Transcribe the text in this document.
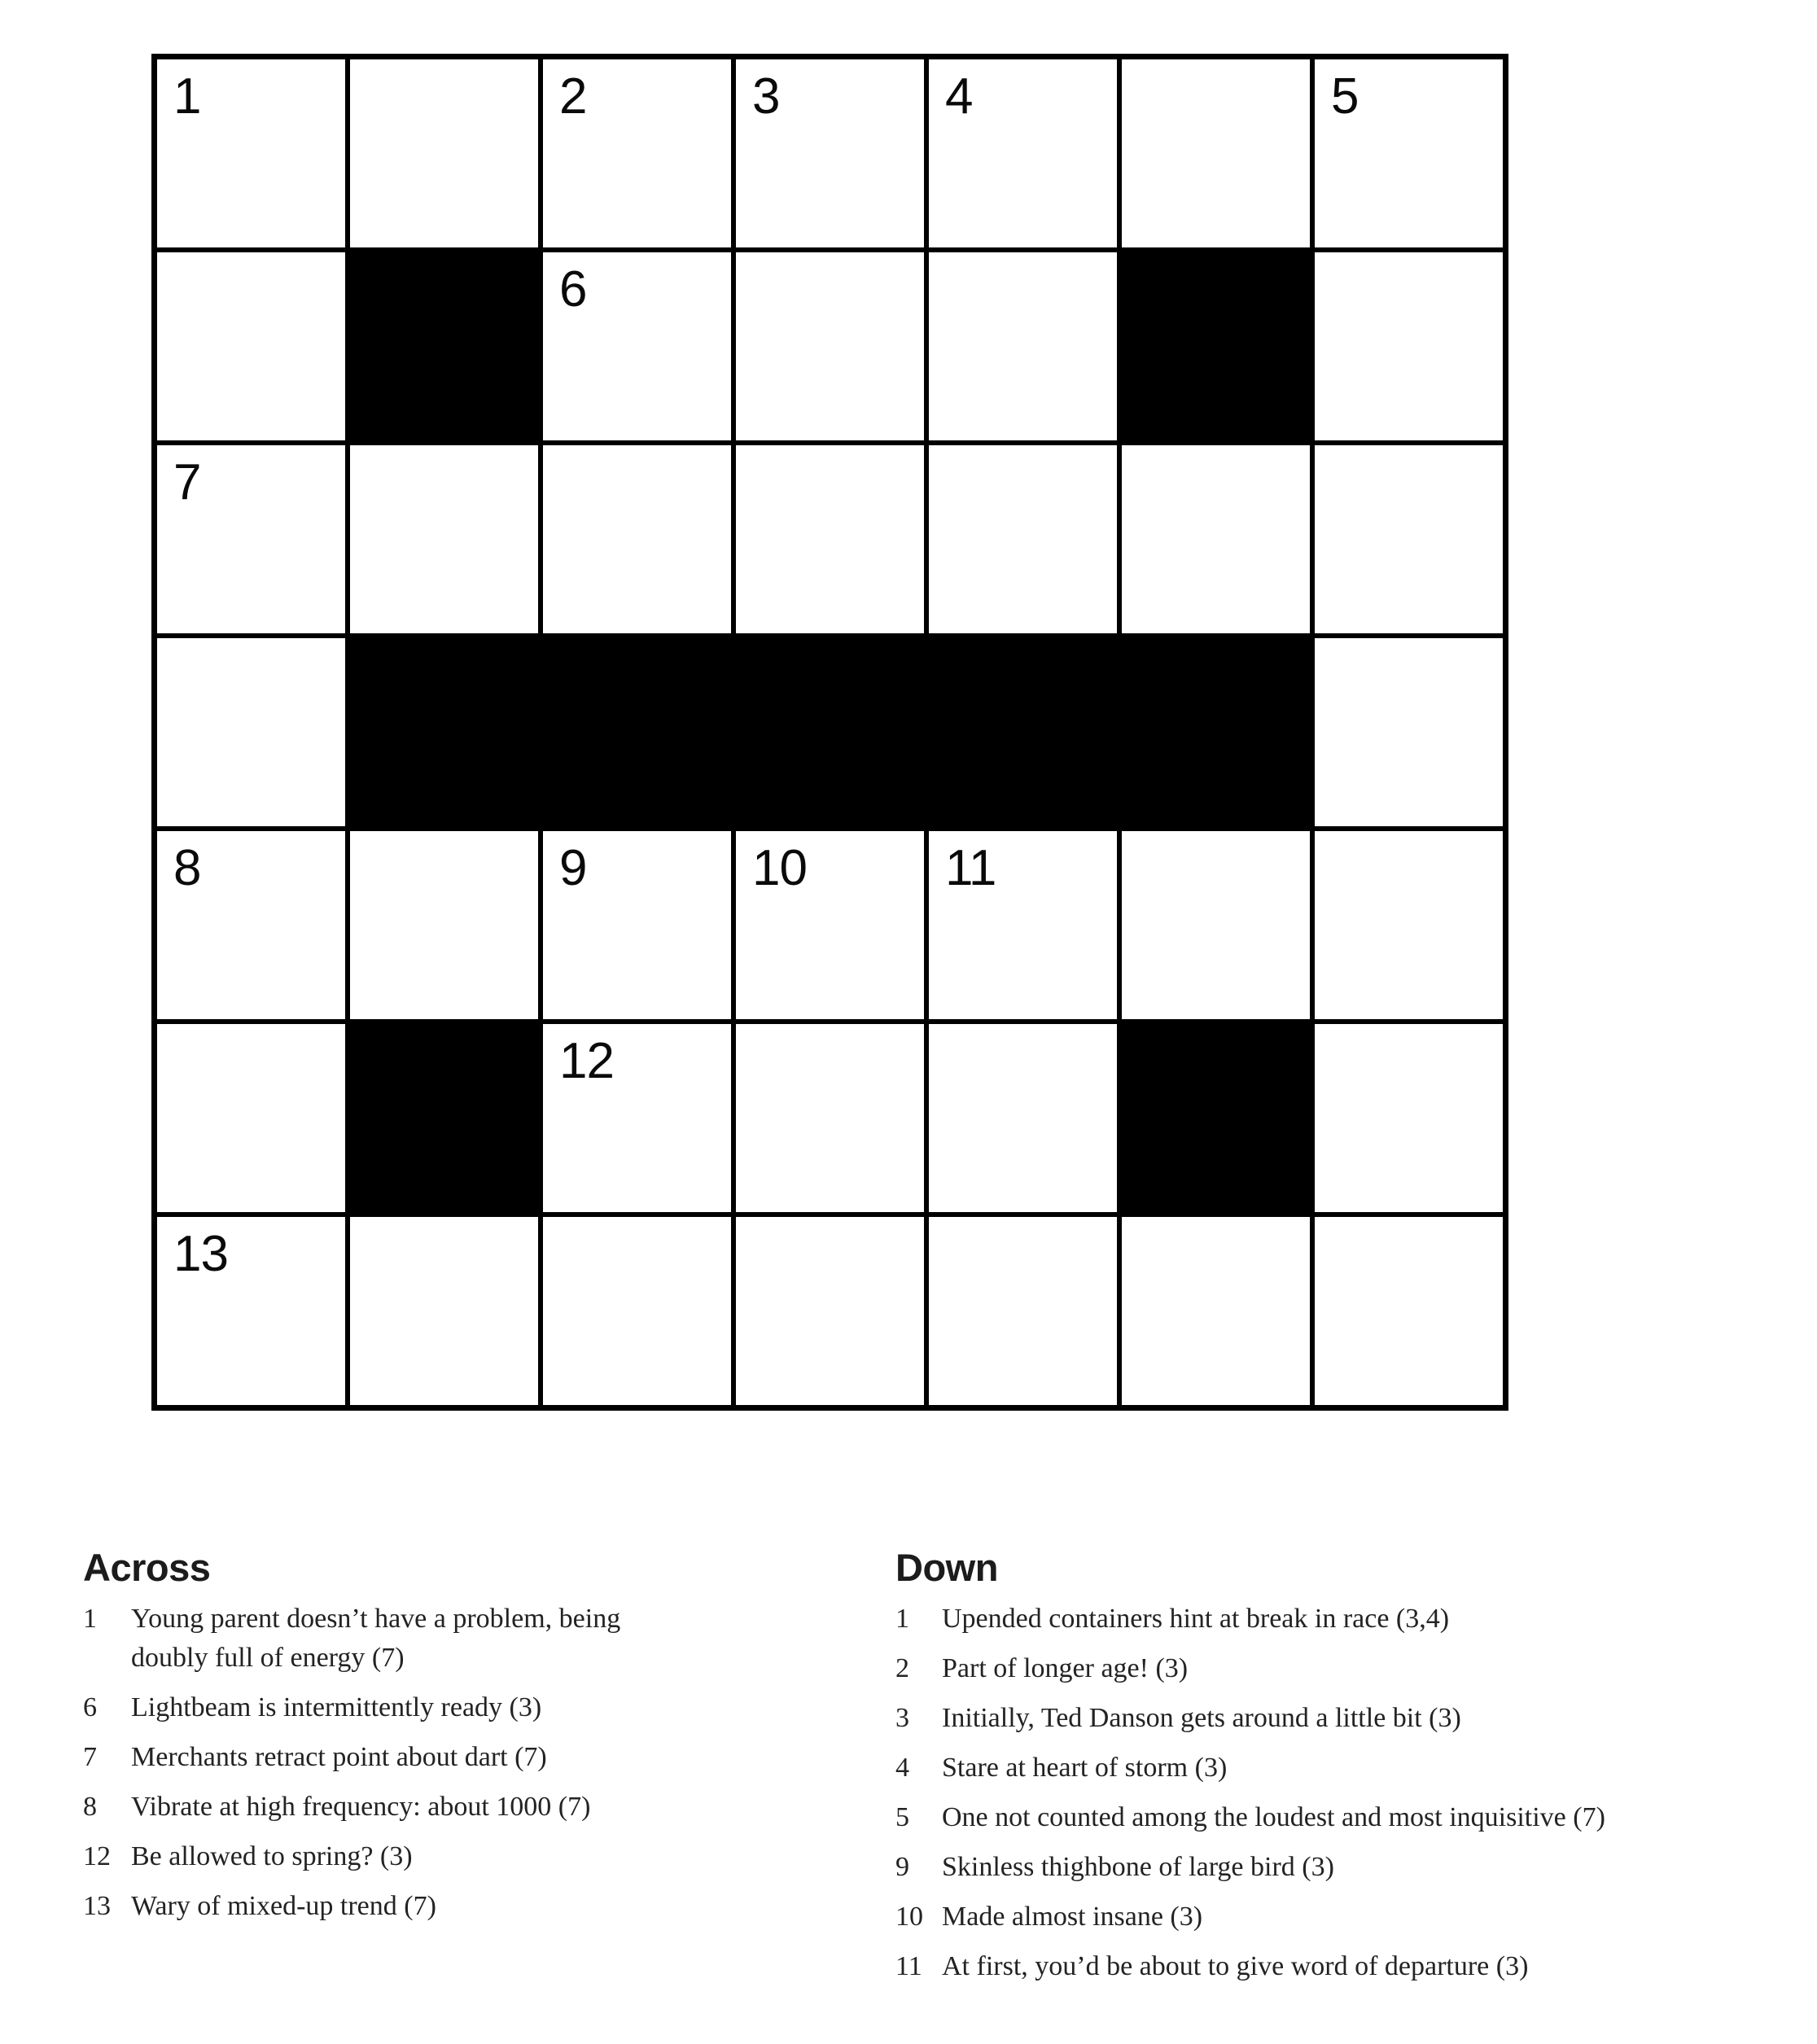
1	2	3	4	5
6
7
8	9	10	11
12
13
Across
1	Young parent doesn’t have a problem, being doubly full of energy (7)
6	Lightbeam is intermittently ready (3)
7	Merchants retract point about dart (7)
8	Vibrate at high frequency: about 1000 (7)
12 Be allowed to spring? (3)
13 Wary of mixed-up trend (7)
Down
1	Upended containers hint at break in race (3,4)
2	Part of longer age! (3)
3	Initially, Ted Danson gets around a little bit (3)
4	Stare at heart of storm (3)
5	One not counted among the loudest and most inquisitive (7)
9	Skinless thighbone of large bird (3)
10 Made almost insane (3)
11 At first, you’d be about to give word of departure (3)
